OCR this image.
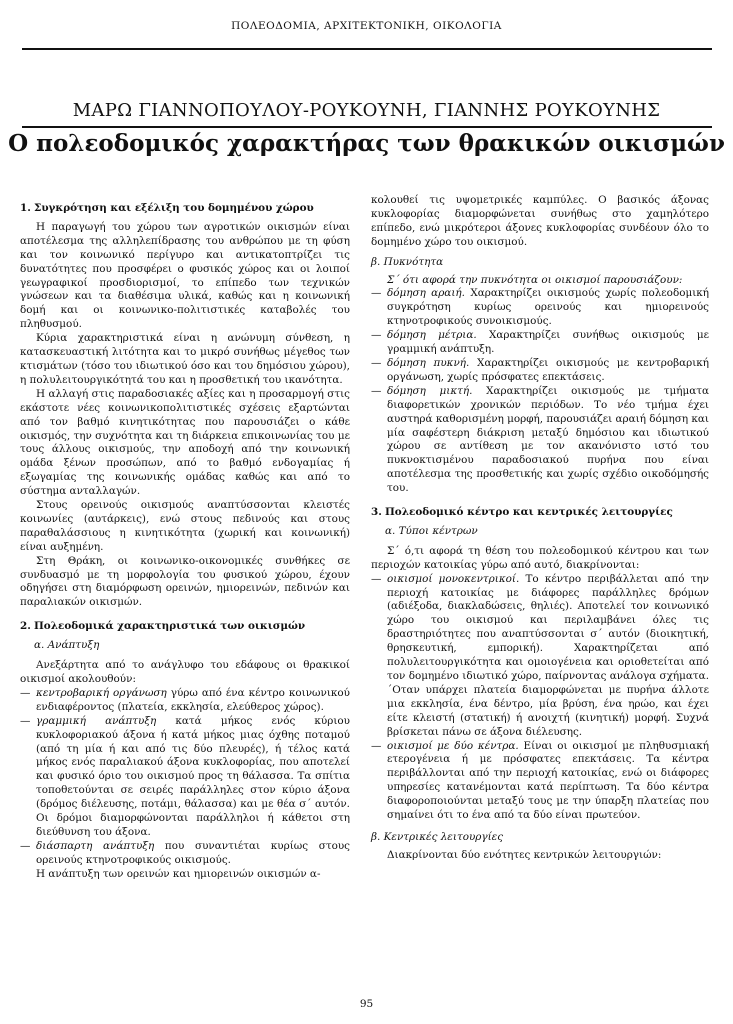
ΠΟΛΕΟΔΟΜΙΑ, ΑΡΧΙΤΕΚΤΟΝΙΚΗ, ΟΙΚΟΛΟΓΙΑ
ΜΑΡΩ ΓΙΑΝΝΟΠΟΥΛΟΥ-ΡΟΥΚΟΥΝΗ, ΓΙΑΝΝΗΣ ΡΟΥΚΟΥΝΗΣ
Ο πολεοδομικός χαρακτήρας των θρακικών οικισμών
1. Συγκρότηση και εξέλιξη του δομημένου χώρου

Η παραγωγή του χώρου των αγροτικών οικισμών είναι αποτέλεσμα της αλληλεπίδρασης του ανθρώπου με τη φύση και τον κοινωνικό περίγυρο και αντικατοπτρίζει τις δυνατότητες που προσφέρει ο φυσικός χώρος και οι λοιποί γεωγραφικοί προσδιορισμοί, το επίπεδο των τεχνικών γνώσεων και τα διαθέσιμα υλικά, καθώς και η κοινωνική δομή και οι κοινωνικο-πολιτιστικές καταβολές του πληθυσμού.

Κύρια χαρακτηριστικά είναι η ανώνυμη σύνθεση, η κατασκευαστική λιτότητα και το μικρό συνήθως μέγεθος των κτισμάτων (τόσο του ιδιωτικού όσο και του δημόσιου χώρου), η πολυλειτουργικότητά του και η προσθετική του ικανότητα.

Η αλλαγή στις παραδοσιακές αξίες και η προσαρμογή στις εκάστοτε νέες κοινωνικοπολιτιστικές σχέσεις εξαρτώνται από τον βαθμό κινητικότητας που παρουσιάζει ο κάθε οικισμός, την συχνότητα και τη διάρκεια επικοινωνίας του με τους άλλους οικισμούς, την αποδοχή από την κοινωνική ομάδα ξένων προσώπων, από το βαθμό ενδογαμίας ή εξωγαμίας της κοινωνικής ομάδας καθώς και από το σύστημα ανταλλαγών.

Στους ορεινούς οικισμούς αναπτύσσονται κλειστές κοινωνίες (αυτάρκεις), ενώ στους πεδινούς και στους παραθαλάσσιους η κινητικότητα (χωρική και κοινωνική) είναι αυξημένη.

Στη Θράκη, οι κοινωνικο-οικονομικές συνθήκες σε συνδυασμό με τη μορφολογία του φυσικού χώρου, έχουν οδηγήσει στη διαμόρφωση ορεινών, ημιορεινών, πεδινών και παραλιακών οικισμών.

2. Πολεοδομικά χαρακτηριστικά των οικισμών
α. Ανάπτυξη

Ανεξάρτητα από το ανάγλυφο του εδάφους οι θρακικοί οικισμοί ακολουθούν:

— κεντροβαρική οργάνωση γύρω από ένα κέντρο κοινωνικού ενδιαφέροντος (πλατεία, εκκλησία, ελεύθερος χώρος).

— γραμμική ανάπτυξη κατά μήκος ενός κύριου κυκλοφοριακού άξονα ή κατά μήκος μιας όχθης ποταμού (από τη μία ή και από τις δύο πλευρές), ή τέλος κατά μήκος ενός παραλιακού άξονα κυκλοφορίας, που αποτελεί και φυσικό όριο του οικισμού προς τη θάλασσα. Τα σπίτια τοποθετούνται σε σειρές παράλληλες στον κύριο άξονα (δρόμος διέλευσης, ποτάμι, θάλασσα) και με θέα σ΄ αυτόν. Οι δρόμοι διαμορφώνονται παράλληλοι ή κάθετοι στη διεύθυνση του άξονα.

— διάσπαρτη ανάπτυξη που συναντιέται κυρίως στους ορεινούς κτηνοτροφικούς οικισμούς.

Η ανάπτυξη των ορεινών και ημιορεινών οικισμών α-

κολουθεί τις υψομετρικές καμπύλες. Ο βασικός άξονας κυκλοφορίας διαμορφώνεται συνήθως στο χαμηλότερο επίπεδο, ενώ μικρότεροι άξονες κυκλοφορίας συνδέουν όλο το δομημένο χώρο του οικισμού.

β. Πυκνότητα

Σ΄ ότι αφορά την πυκνότητα οι οικισμοί παρουσιάζουν:

— δόμηση αραιή. Χαρακτηρίζει οικισμούς χωρίς πολεοδομική συγκρότηση κυρίως ορεινούς και ημιορεινούς κτηνοτροφικούς συνοικισμούς.

— δόμηση μέτρια. Χαρακτηρίζει συνήθως οικισμούς με γραμμική ανάπτυξη.

— δόμηση πυκνή. Χαρακτηρίζει οικισμούς με κεντροβαρική οργάνωση, χωρίς πρόσφατες επεκτάσεις.

— δόμηση μικτή. Χαρακτηρίζει οικισμούς με τμήματα διαφορετικών χρονικών περιόδων. Το νέο τμήμα έχει αυστηρά καθορισμένη μορφή, παρουσιάζει αραιή δόμηση και μία σαφέστερη διάκριση μεταξύ δημόσιου και ιδιωτικού χώρου σε αντίθεση με τον ακανόνιστο ιστό του πυκνοκτισμένου παραδοσιακού πυρήνα που είναι αποτέλεσμα της προσθετικής και χωρίς σχέδιο οικοδόμησής του.

3. Πολεοδομικό κέντρο και κεντρικές λειτουργίες
α. Τύποι κέντρων

Σ΄ ό,τι αφορά τη θέση του πολεοδομικού κέντρου και των περιοχών κατοικίας γύρω από αυτό, διακρίνονται:

— οικισμοί μονοκεντρικοί. Το κέντρο περιβάλλεται από την περιοχή κατοικίας με διάφορες παράλληλες δρόμων (αδιέξοδα, διακλαδώσεις, θηλιές). Αποτελεί τον κοινωνικό χώρο του οικισμού και περιλαμβάνει όλες τις δραστηριότητες που αναπτύσσονται σ΄ αυτόν (διοικητική, θρησκευτική, εμπορική). Χαρακτηρίζεται από πολυλειτουργικότητα και ομοιογένεια και οριοθετείται από τον δομημένο ιδιωτικό χώρο, παίρνοντας ανάλογα σχήματα. ΄Οταν υπάρχει πλατεία διαμορφώνεται με πυρήνα άλλοτε μια εκκλησία, ένα δέντρο, μία βρύση, ένα ηρώο, και έχει είτε κλειστή (στατική) ή ανοιχτή (κινητική) μορφή. Συχνά βρίσκεται πάνω σε άξονα διέλευσης.

— οικισμοί με δύο κέντρα. Είναι οι οικισμοί με πληθυσμιακή ετερογένεια ή με πρόσφατες επεκτάσεις. Τα κέντρα περιβάλλονται από την περιοχή κατοικίας, ενώ οι διάφορες υπηρεσίες κατανέμονται κατά περίπτωση. Τα δύο κέντρα διαφοροποιούνται μεταξύ τους με την ύπαρξη πλατείας που σημαίνει ότι το ένα από τα δύο είναι πρωτεύον.

β. Κεντρικές λειτουργίες

Διακρίνονται δύο ενότητες κεντρικών λειτουργιών:

95
